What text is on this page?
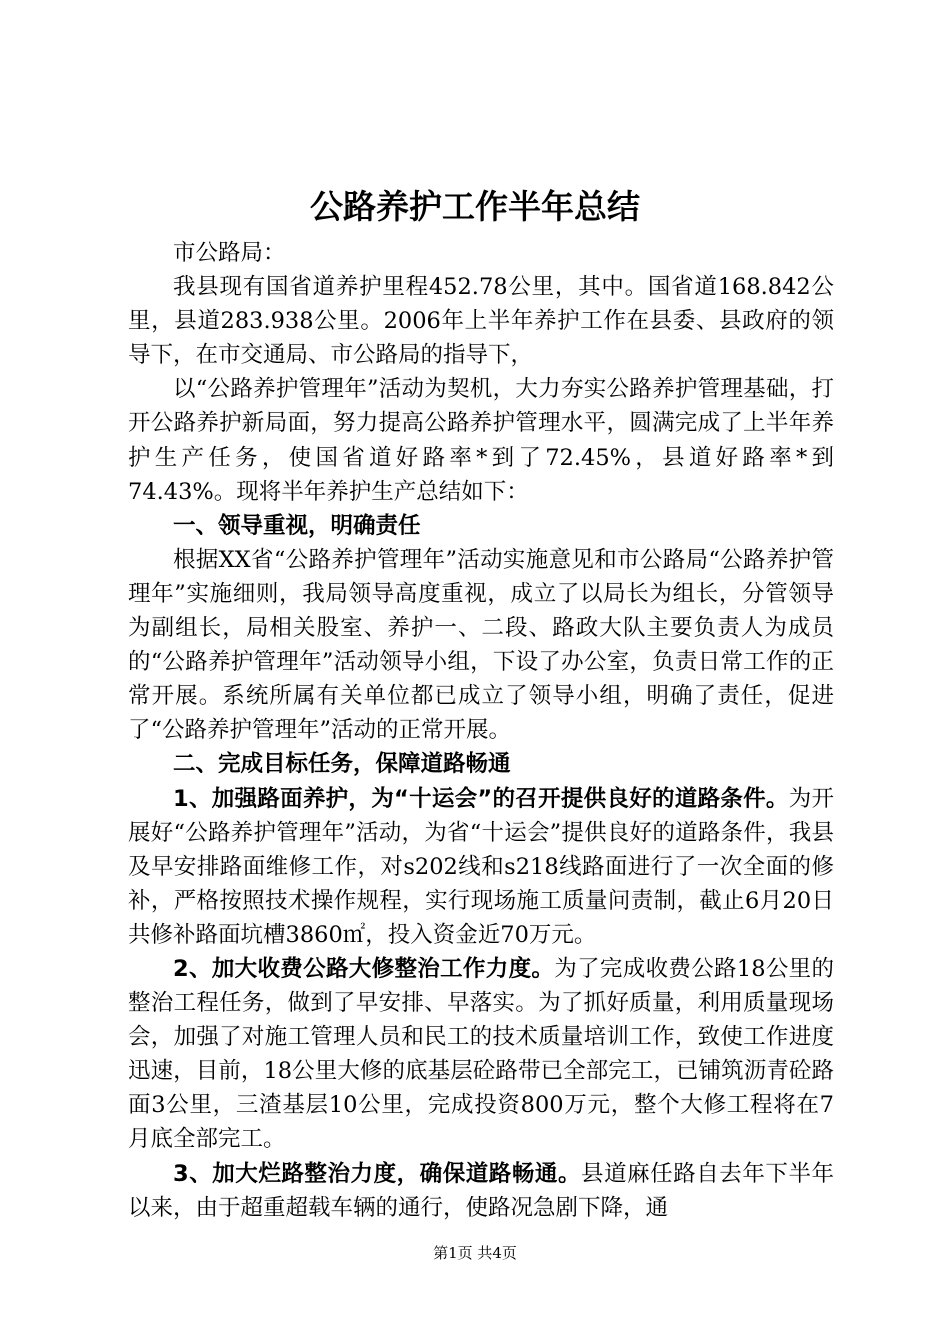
公路养护工作半年总结

市公路局：

我县现有国省道养护里程452.78公里，其中。国省道168.842公里，县道283.938公里。2006年上半年养护工作在县委、县政府的领导下，在市交通局、市公路局的指导下，

以“公路养护管理年”活动为契机，大力夯实公路养护管理基础，打开公路养护新局面，努力提高公路养护管理水平，圆满完成了上半年养护生产任务，使国省道好路率*到了72.45%，县道好路率*到74.43%。现将半年养护生产总结如下：

一、领导重视，明确责任

根据XX省“公路养护管理年”活动实施意见和市公路局“公路养护管理年”实施细则，我局领导高度重视，成立了以局长为组长，分管领导为副组长，局相关股室、养护一、二段、路政大队主要负责人为成员的“公路养护管理年”活动领导小组，下设了办公室，负责日常工作的正常开展。系统所属有关单位都已成立了领导小组，明确了责任，促进了“公路养护管理年”活动的正常开展。

二、完成目标任务，保障道路畅通

1、加强路面养护，为“十运会”的召开提供良好的道路条件。为开展好“公路养护管理年”活动，为省“十运会”提供良好的道路条件，我县及早安排路面维修工作，对s202线和s218线路面进行了一次全面的修补，严格按照技术操作规程，实行现场施工质量问责制，截止6月20日共修补路面坑槽3860㎡，投入资金近70万元。

2、加大收费公路大修整治工作力度。为了完成收费公路18公里的整治工程任务，做到了早安排、早落实。为了抓好质量，利用质量现场会，加强了对施工管理人员和民工的技术质量培训工作，致使工作进度迅速，目前，18公里大修的底基层砼路带已全部完工，已铺筑沥青砼路面3公里，三渣基层10公里，完成投资800万元，整个大修工程将在7月底全部完工。

3、加大烂路整治力度，确保道路畅通。县道麻任路自去年下半年以来，由于超重超载车辆的通行，使路况急剧下降，通

第1页 共4页
